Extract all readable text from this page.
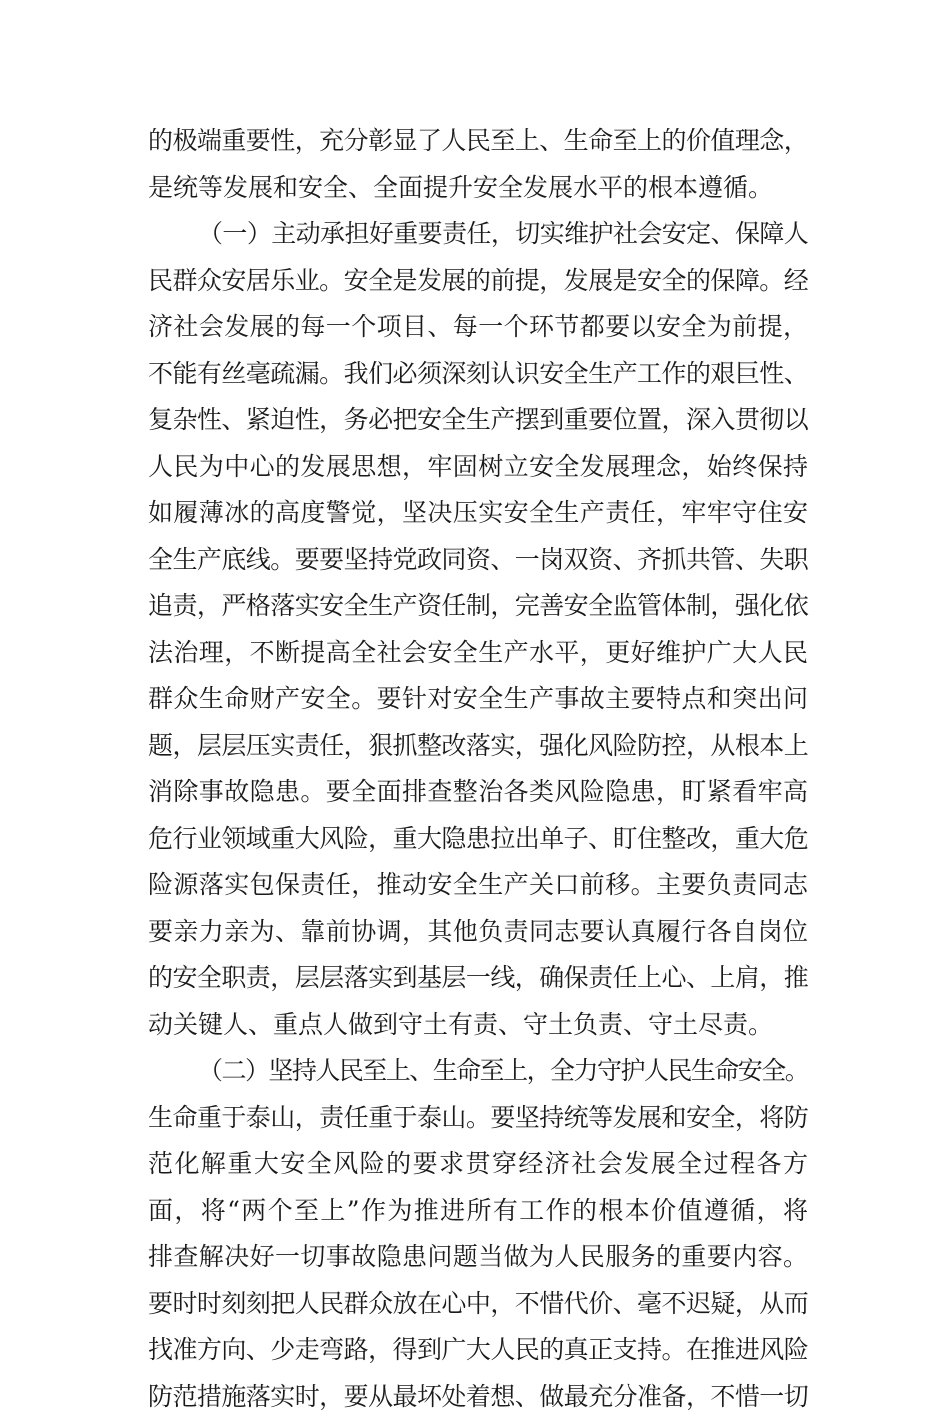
的极端重要性，充分彰显了人民至上、生命至上的价值理念，
是统等发展和安全、全面提升安全发展水平的根本遵循。
（一）主动承担好重要责任，切实维护社会安定、保障人
民群众安居乐业。安全是发展的前提，发展是安全的保障。经
济社会发展的每一个项目、每一个环节都要以安全为前提，
不能有丝毫疏漏。我们必须深刻认识安全生产工作的艰巨性、
复杂性、紧迫性，务必把安全生产摆到重要位置，深入贯彻以
人民为中心的发展思想，牢固树立安全发展理念，始终保持
如履薄冰的高度警觉，坚决压实安全生产责任，牢牢守住安
全生产底线。要要坚持党政同资、一岗双资、齐抓共管、失职
追责，严格落实安全生产资任制，完善安全监管体制，强化依
法治理，不断提高全社会安全生产水平，更好维护广大人民
群众生命财产安全。要针对安全生产事故主要特点和突出问
题，层层压实责任，狠抓整改落实，强化风险防控，从根本上
消除事故隐患。要全面排查整治各类风险隐患，盯紧看牢高
危行业领域重大风险，重大隐患拉出单子、盯住整改，重大危
险源落实包保责任，推动安全生产关口前移。主要负责同志
要亲力亲为、靠前协调，其他负责同志要认真履行各自岗位
的安全职责，层层落实到基层一线，确保责任上心、上肩，推
动关键人、重点人做到守土有责、守土负责、守土尽责。
（二）坚持人民至上、生命至上，全力守护人民生命安全。
生命重于泰山，责任重于泰山。要坚持统等发展和安全，将防
范化解重大安全风险的要求贯穿经济社会发展全过程各方
面，将“两个至上”作为推进所有工作的根本价值遵循，将
排查解决好一切事故隐患问题当做为人民服务的重要内容。
要时时刻刻把人民群众放在心中，不惜代价、毫不迟疑，从而
找准方向、少走弯路，得到广大人民的真正支持。在推进风险
防范措施落实时，要从最坏处着想、做最充分准备，不惜一切
